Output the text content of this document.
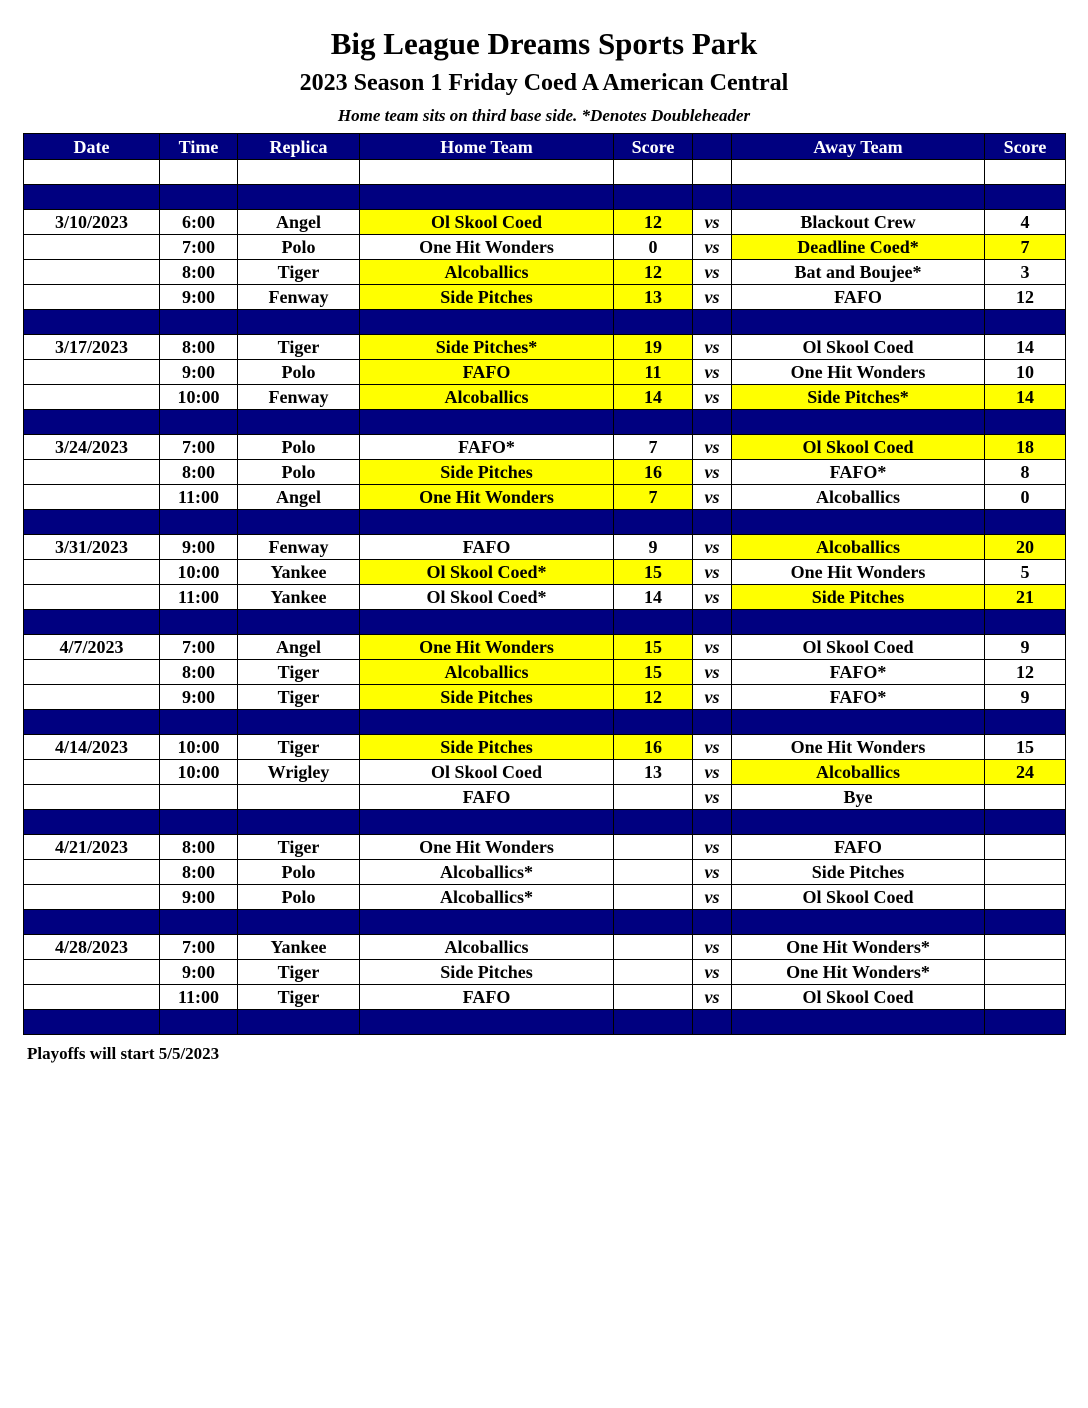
Big League Dreams Sports Park
2023 Season 1 Friday Coed A American Central
Home team sits on third base side. *Denotes Doubleheader
Date	Time	Replica	Home Team	Score		Away Team	Score

3/10/2023	6:00	Angel	Ol Skool Coed	12	vs	Blackout Crew	4
	7:00	Polo	One Hit Wonders	0	vs	Deadline Coed*	7
	8:00	Tiger	Alcoballics	12	vs	Bat and Boujee*	3
	9:00	Fenway	Side Pitches	13	vs	FAFO	12

3/17/2023	8:00	Tiger	Side Pitches*	19	vs	Ol Skool Coed	14
	9:00	Polo	FAFO	11	vs	One Hit Wonders	10
	10:00	Fenway	Alcoballics	14	vs	Side Pitches*	14

3/24/2023	7:00	Polo	FAFO*	7	vs	Ol Skool Coed	18
	8:00	Polo	Side Pitches	16	vs	FAFO*	8
	11:00	Angel	One Hit Wonders	7	vs	Alcoballics	0

3/31/2023	9:00	Fenway	FAFO	9	vs	Alcoballics	20
	10:00	Yankee	Ol Skool Coed*	15	vs	One Hit Wonders	5
	11:00	Yankee	Ol Skool Coed*	14	vs	Side Pitches	21

4/7/2023	7:00	Angel	One Hit Wonders	15	vs	Ol Skool Coed	9
	8:00	Tiger	Alcoballics	15	vs	FAFO*	12
	9:00	Tiger	Side Pitches	12	vs	FAFO*	9

4/14/2023	10:00	Tiger	Side Pitches	16	vs	One Hit Wonders	15
	10:00	Wrigley	Ol Skool Coed	13	vs	Alcoballics	24
			FAFO		vs	Bye	

4/21/2023	8:00	Tiger	One Hit Wonders		vs	FAFO	
	8:00	Polo	Alcoballics*		vs	Side Pitches	
	9:00	Polo	Alcoballics*		vs	Ol Skool Coed	

4/28/2023	7:00	Yankee	Alcoballics		vs	One Hit Wonders*	
	9:00	Tiger	Side Pitches		vs	One Hit Wonders*	
	11:00	Tiger	FAFO		vs	Ol Skool Coed	

Playoffs will start 5/5/2023
